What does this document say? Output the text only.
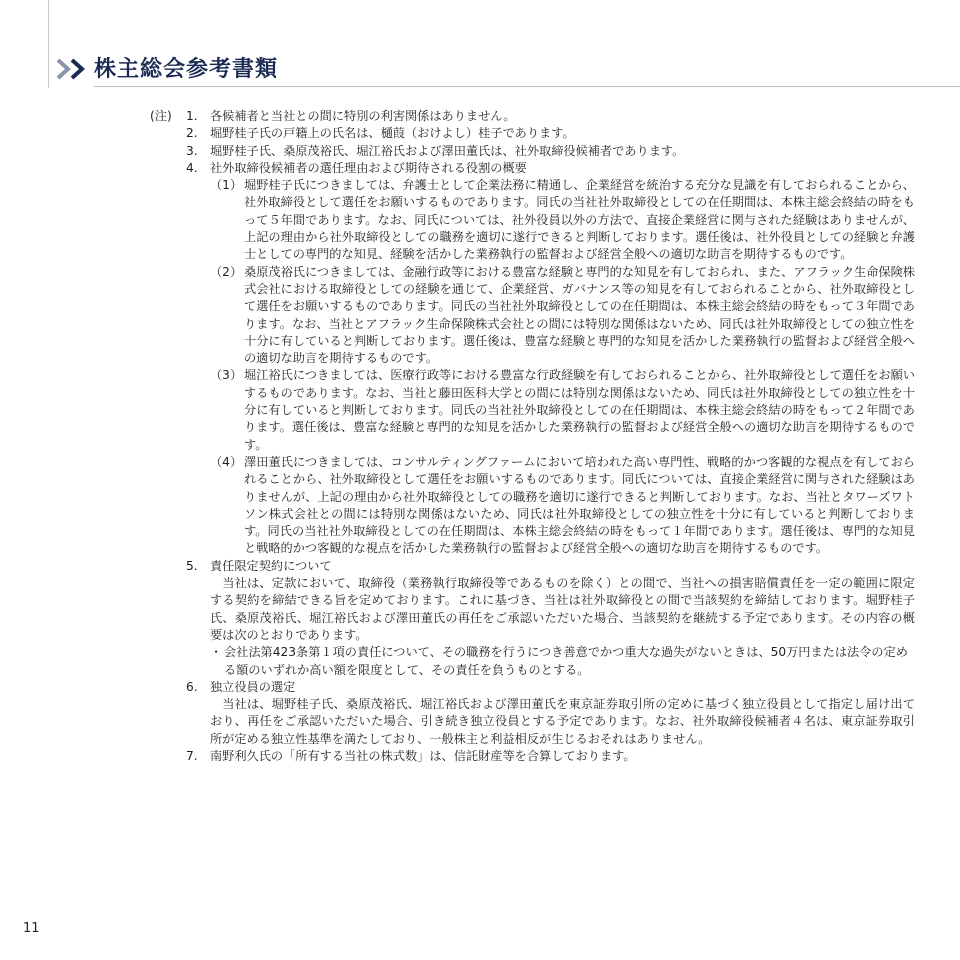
株主総会参考書類
(注)	1.	各候補者と当社との間に特別の利害関係はありません。
2.	堀野桂子氏の戸籍上の氏名は、樋葭（おけよし）桂子であります。
3.	堀野桂子氏、桑原茂裕氏、堀江裕氏および澤田董氏は、社外取締役候補者であります。
4.	社外取締役候補者の選任理由および期待される役割の概要
（1） 堀野桂子氏につきましては、弁護士として企業法務に精通し、企業経営を統治する充分な見識を有しておられることから、社外取締役として選任をお願いするものであります。同氏の当社社外取締役としての在任期間は、本株主総会終結の時をもって５年間であります。なお、同氏については、社外役員以外の方法で、直接企業経営に関与された経験はありませんが、上記の理由から社外取締役としての職務を適切に遂行できると判断しております。選任後は、社外役員としての経験と弁護士としての専門的な知見、経験を活かした業務執行の監督および経営全般への適切な助言を期待するものです。
（2） 桑原茂裕氏につきましては、金融行政等における豊富な経験と専門的な知見を有しておられ、また、アフラック生命保険株式会社における取締役としての経験を通じて、企業経営、ガバナンス等の知見を有しておられることから、社外取締役として選任をお願いするものであります。同氏の当社社外取締役としての在任期間は、本株主総会終結の時をもって３年間であります。なお、当社とアフラック生命保険株式会社との間には特別な関係はないため、同氏は社外取締役としての独立性を十分に有していると判断しております。選任後は、豊富な経験と専門的な知見を活かした業務執行の監督および経営全般への適切な助言を期待するものです。
（3） 堀江裕氏につきましては、医療行政等における豊富な行政経験を有しておられることから、社外取締役として選任をお願いするものであります。なお、当社と藤田医科大学との間には特別な関係はないため、同氏は社外取締役としての独立性を十分に有していると判断しております。同氏の当社社外取締役としての在任期間は、本株主総会終結の時をもって２年間であります。選任後は、豊富な経験と専門的な知見を活かした業務執行の監督および経営全般への適切な助言を期待するものです。
（4） 澤田董氏につきましては、コンサルティングファームにおいて培われた高い専門性、戦略的かつ客観的な視点を有しておられることから、社外取締役として選任をお願いするものであります。同氏については、直接企業経営に関与された経験はありませんが、上記の理由から社外取締役としての職務を適切に遂行できると判断しております。なお、当社とタワーズワトソン株式会社との間には特別な関係はないため、同氏は社外取締役としての独立性を十分に有していると判断しております。同氏の当社社外取締役としての在任期間は、本株主総会終結の時をもって１年間であります。選任後は、専門的な知見と戦略的かつ客観的な視点を活かした業務執行の監督および経営全般への適切な助言を期待するものです。
5.	責任限定契約について

当社は、定款において、取締役（業務執行取締役等であるものを除く）との間で、当社への損害賠償責任を一定の範囲に限定する契約を締結できる旨を定めております。これに基づき、当社は社外取締役との間で当該契約を締結しております。堀野桂子氏、桑原茂裕氏、堀江裕氏および澤田董氏の再任をご承認いただいた場合、当該契約を継続する予定であります。その内容の概要は次のとおりであります。

・ 会社法第423条第１項の責任について、その職務を行うにつき善意でかつ重大な過失がないときは、50万円または法令の定める額のいずれか高い額を限度として、その責任を負うものとする。
6.	独立役員の選定

当社は、堀野桂子氏、桑原茂裕氏、堀江裕氏および澤田董氏を東京証券取引所の定めに基づく独立役員として指定し届け出ており、再任をご承認いただいた場合、引き続き独立役員とする予定であります。なお、社外取締役候補者４名は、東京証券取引所が定める独立性基準を満たしており、一般株主と利益相反が生じるおそれはありません。

7.	南野利久氏の「所有する当社の株式数」は、信託財産等を合算しております。
11
